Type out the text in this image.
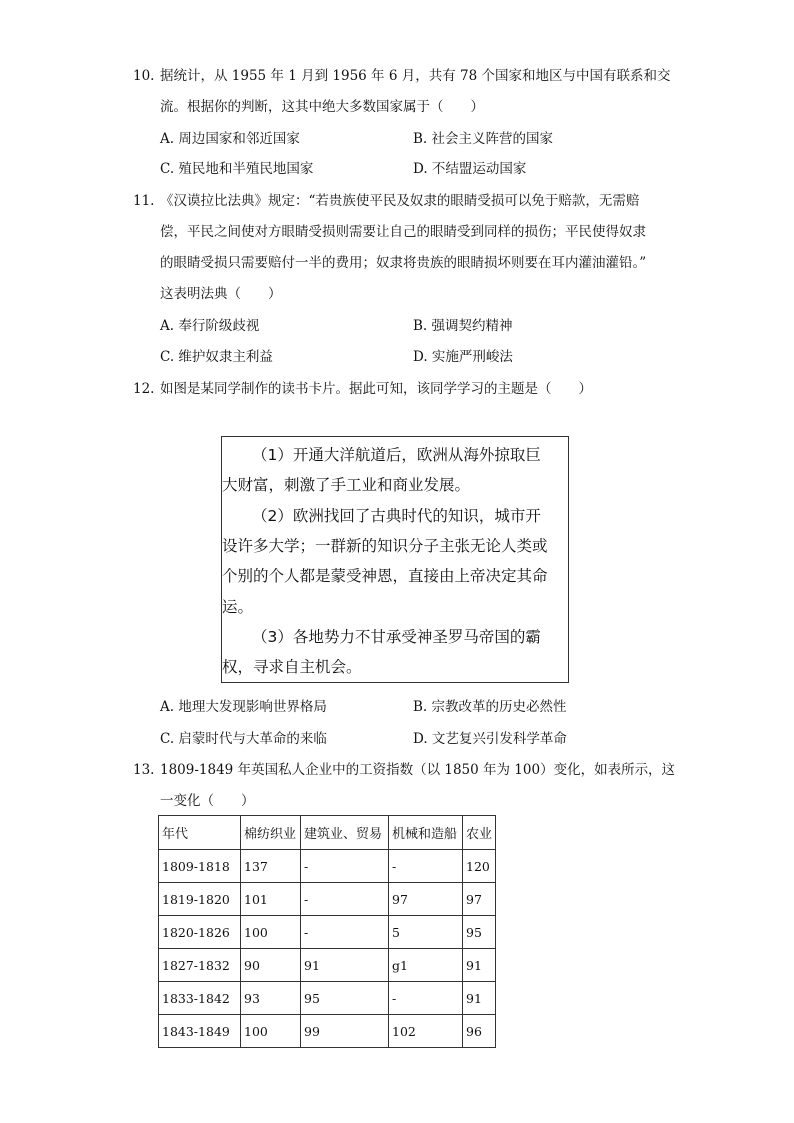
10. 据统计，从 1955 年 1 月到 1956 年 6 月，共有 78 个国家和地区与中国有联系和交
流。根据你的判断，这其中绝大多数国家属于（　　）
A. 周边国家和邻近国家	B. 社会主义阵营的国家
C. 殖民地和半殖民地国家	D. 不结盟运动国家
11. 《汉谟拉比法典》规定：“若贵族使平民及奴隶的眼睛受损可以免于赔款，无需赔
偿，平民之间使对方眼睛受损则需要让自己的眼睛受到同样的损伤；平民使得奴隶
的眼睛受损只需要赔付一半的费用；奴隶将贵族的眼睛损坏则要在耳内灌油灌铅。”
这表明法典（　　）
A. 奉行阶级歧视	B. 强调契约精神
C. 维护奴隶主利益	D. 实施严刑峻法
12. 如图是某同学制作的读书卡片。据此可知，该同学学习的主题是（　　）
（1）开通大洋航道后，欧洲从海外掠取巨
大财富，刺激了手工业和商业发展。
（2）欧洲找回了古典时代的知识，城市开
设许多大学；一群新的知识分子主张无论人类或
个别的个人都是蒙受神恩，直接由上帝决定其命
运。
（3）各地势力不甘承受神圣罗马帝国的霸
权，寻求自主机会。
A. 地理大发现影响世界格局	B. 宗教改革的历史必然性
C. 启蒙时代与大革命的来临	D. 文艺复兴引发科学革命
13. 1809-1849 年英国私人企业中的工资指数（以 1850 年为 100）变化，如表所示，这
一变化（　　）
年代	棉纺织业	建筑业、贸易	机械和造船	农业
1809-1818	137	-	-	120
1819-1820	101	-	97	97
1820-1826	100	-	5	95
1827-1832	90	91	g1	91
1833-1842	93	95	-	91
1843-1849	100	99	102	96
